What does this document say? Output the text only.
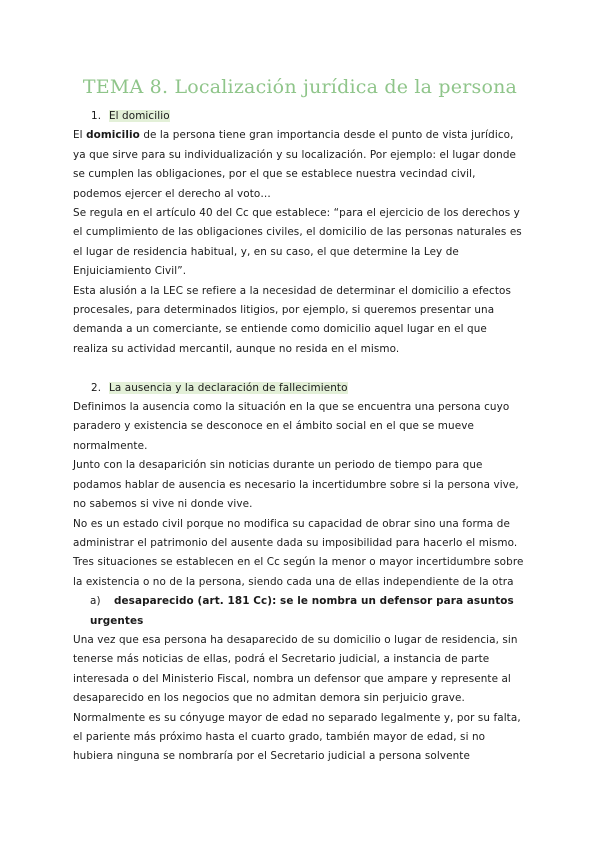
TEMA 8. Localización jurídica de la persona
1. El domicilio

El domicilio de la persona tiene gran importancia desde el punto de vista jurídico, ya que sirve para su individualización y su localización. Por ejemplo: el lugar donde se cumplen las obligaciones, por el que se establece nuestra vecindad civil, podemos ejercer el derecho al voto…

Se regula en el artículo 40 del Cc que establece: “para el ejercicio de los derechos y el cumplimiento de las obligaciones civiles, el domicilio de las personas naturales es el lugar de residencia habitual, y, en su caso, el que determine la Ley de Enjuiciamiento Civil”.

Esta alusión a la LEC se refiere a la necesidad de determinar el domicilio a efectos procesales, para determinados litigios, por ejemplo, si queremos presentar una demanda a un comerciante, se entiende como domicilio aquel lugar en el que realiza su actividad mercantil, aunque no resida en el mismo.

2. La ausencia y la declaración de fallecimiento

Definimos la ausencia como la situación en la que se encuentra una persona cuyo paradero y existencia se desconoce en el ámbito social en el que se mueve normalmente.

Junto con la desaparición sin noticias durante un periodo de tiempo para que podamos hablar de ausencia es necesario la incertidumbre sobre si la persona vive, no sabemos si vive ni donde vive.

No es un estado civil porque no modifica su capacidad de obrar sino una forma de administrar el patrimonio del ausente dada su imposibilidad para hacerlo el mismo.

Tres situaciones se establecen en el Cc según la menor o mayor incertidumbre sobre la existencia o no de la persona, siendo cada una de ellas independiente de la otra

a) desaparecido (art. 181 Cc): se le nombra un defensor para asuntos urgentes

Una vez que esa persona ha desaparecido de su domicilio o lugar de residencia, sin tenerse más noticias de ellas, podrá el Secretario judicial, a instancia de parte interesada o del Ministerio Fiscal, nombra un defensor que ampare y represente al desaparecido en los negocios que no admitan demora sin perjuicio grave.

Normalmente es su cónyuge mayor de edad no separado legalmente y, por su falta, el pariente más próximo hasta el cuarto grado, también mayor de edad, si no hubiera ninguna se nombraría por el Secretario judicial a persona solvente
